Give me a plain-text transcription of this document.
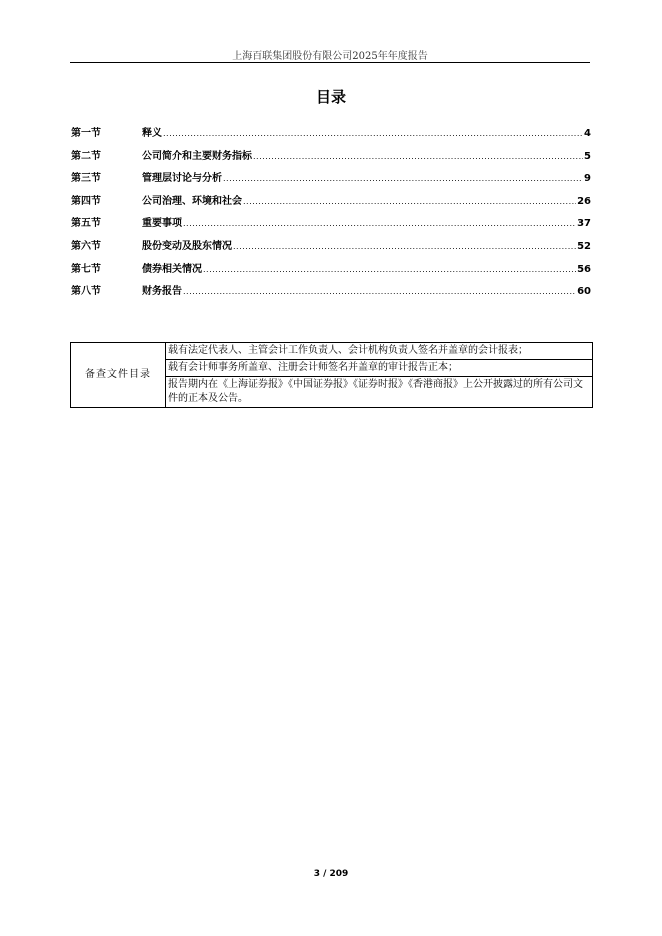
上海百联集团股份有限公司2025年年度报告
目录
第一节	释义 .....	4
第二节	公司简介和主要财务指标 .....	5
第三节	管理层讨论与分析 .....	9
第四节	公司治理、环境和社会 .....	26
第五节	重要事项 .....	37
第六节	股份变动及股东情况 .....	52
第七节	债券相关情况 .....	56
第八节	财务报告 .....	60
备查文件目录	载有法定代表人、主管会计工作负责人、会计机构负责人签名并盖章的会计报表；
载有会计师事务所盖章、注册会计师签名并盖章的审计报告正本；
报告期内在《上海证券报》《中国证券报》《证券时报》《香港商报》上公开披露过的所有公司文件的正本及公告。
3 / 209
